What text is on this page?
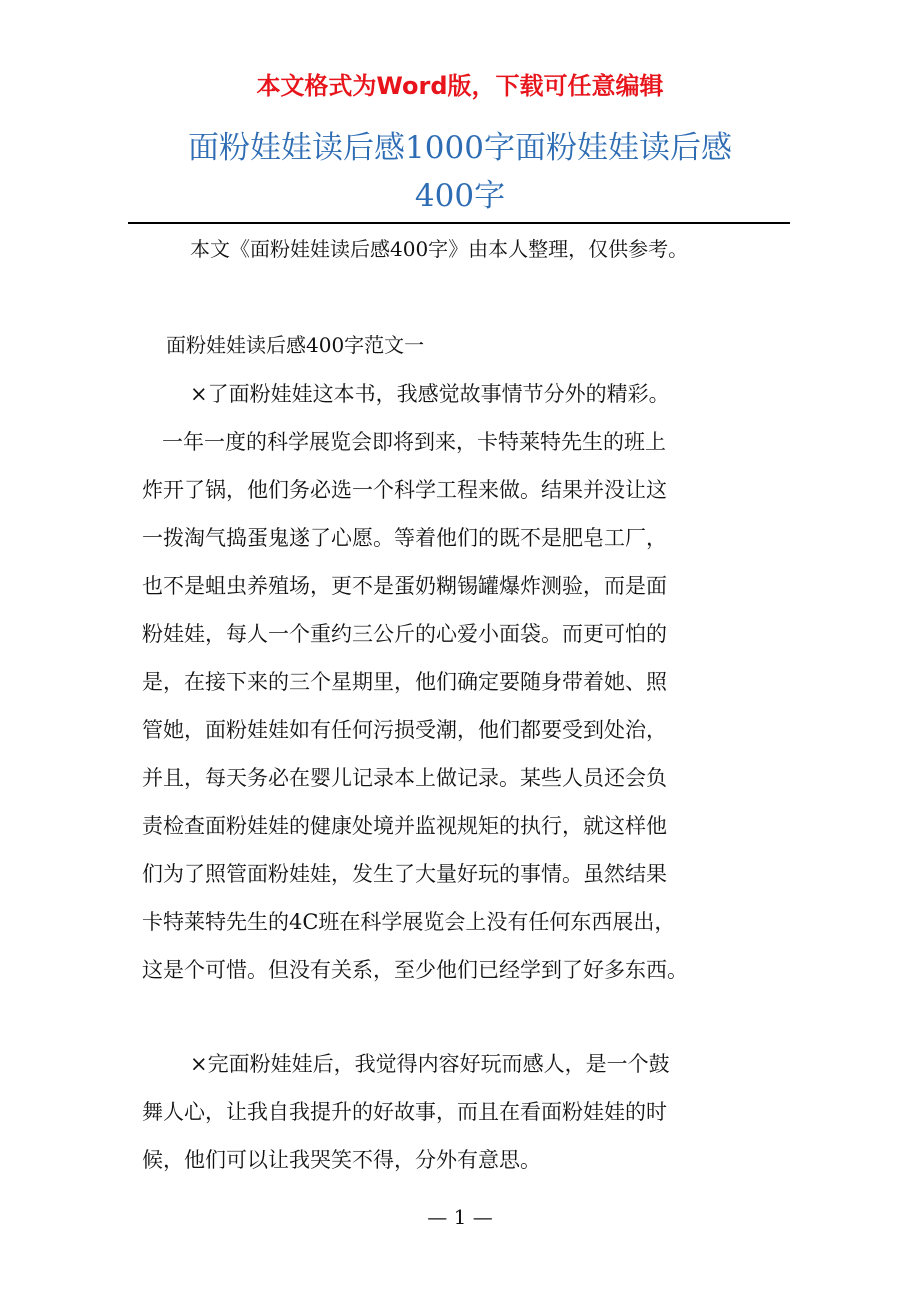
本文格式为Word版，下载可任意编辑
面粉娃娃读后感1000字面粉娃娃读后感
400字
本文《面粉娃娃读后感400字》由本人整理，仅供参考。
面粉娃娃读后感400字范文一
×了面粉娃娃这本书，我感觉故事情节分外的精彩。
一年一度的科学展览会即将到来，卡特莱特先生的班上
炸开了锅，他们务必选一个科学工程来做。结果并没让这
一拨淘气捣蛋鬼遂了心愿。等着他们的既不是肥皂工厂，
也不是蛆虫养殖场，更不是蛋奶糊锡罐爆炸测验，而是面
粉娃娃，每人一个重约三公斤的心爱小面袋。而更可怕的
是，在接下来的三个星期里，他们确定要随身带着她、照
管她，面粉娃娃如有任何污损受潮，他们都要受到处治，
并且，每天务必在婴儿记录本上做记录。某些人员还会负
责检查面粉娃娃的健康处境并监视规矩的执行，就这样他
们为了照管面粉娃娃，发生了大量好玩的事情。虽然结果
卡特莱特先生的4C班在科学展览会上没有任何东西展出，
这是个可惜。但没有关系，至少他们已经学到了好多东西。
×完面粉娃娃后，我觉得内容好玩而感人，是一个鼓
舞人心，让我自我提升的好故事，而且在看面粉娃娃的时
候，他们可以让我哭笑不得，分外有意思。
— 1 —
